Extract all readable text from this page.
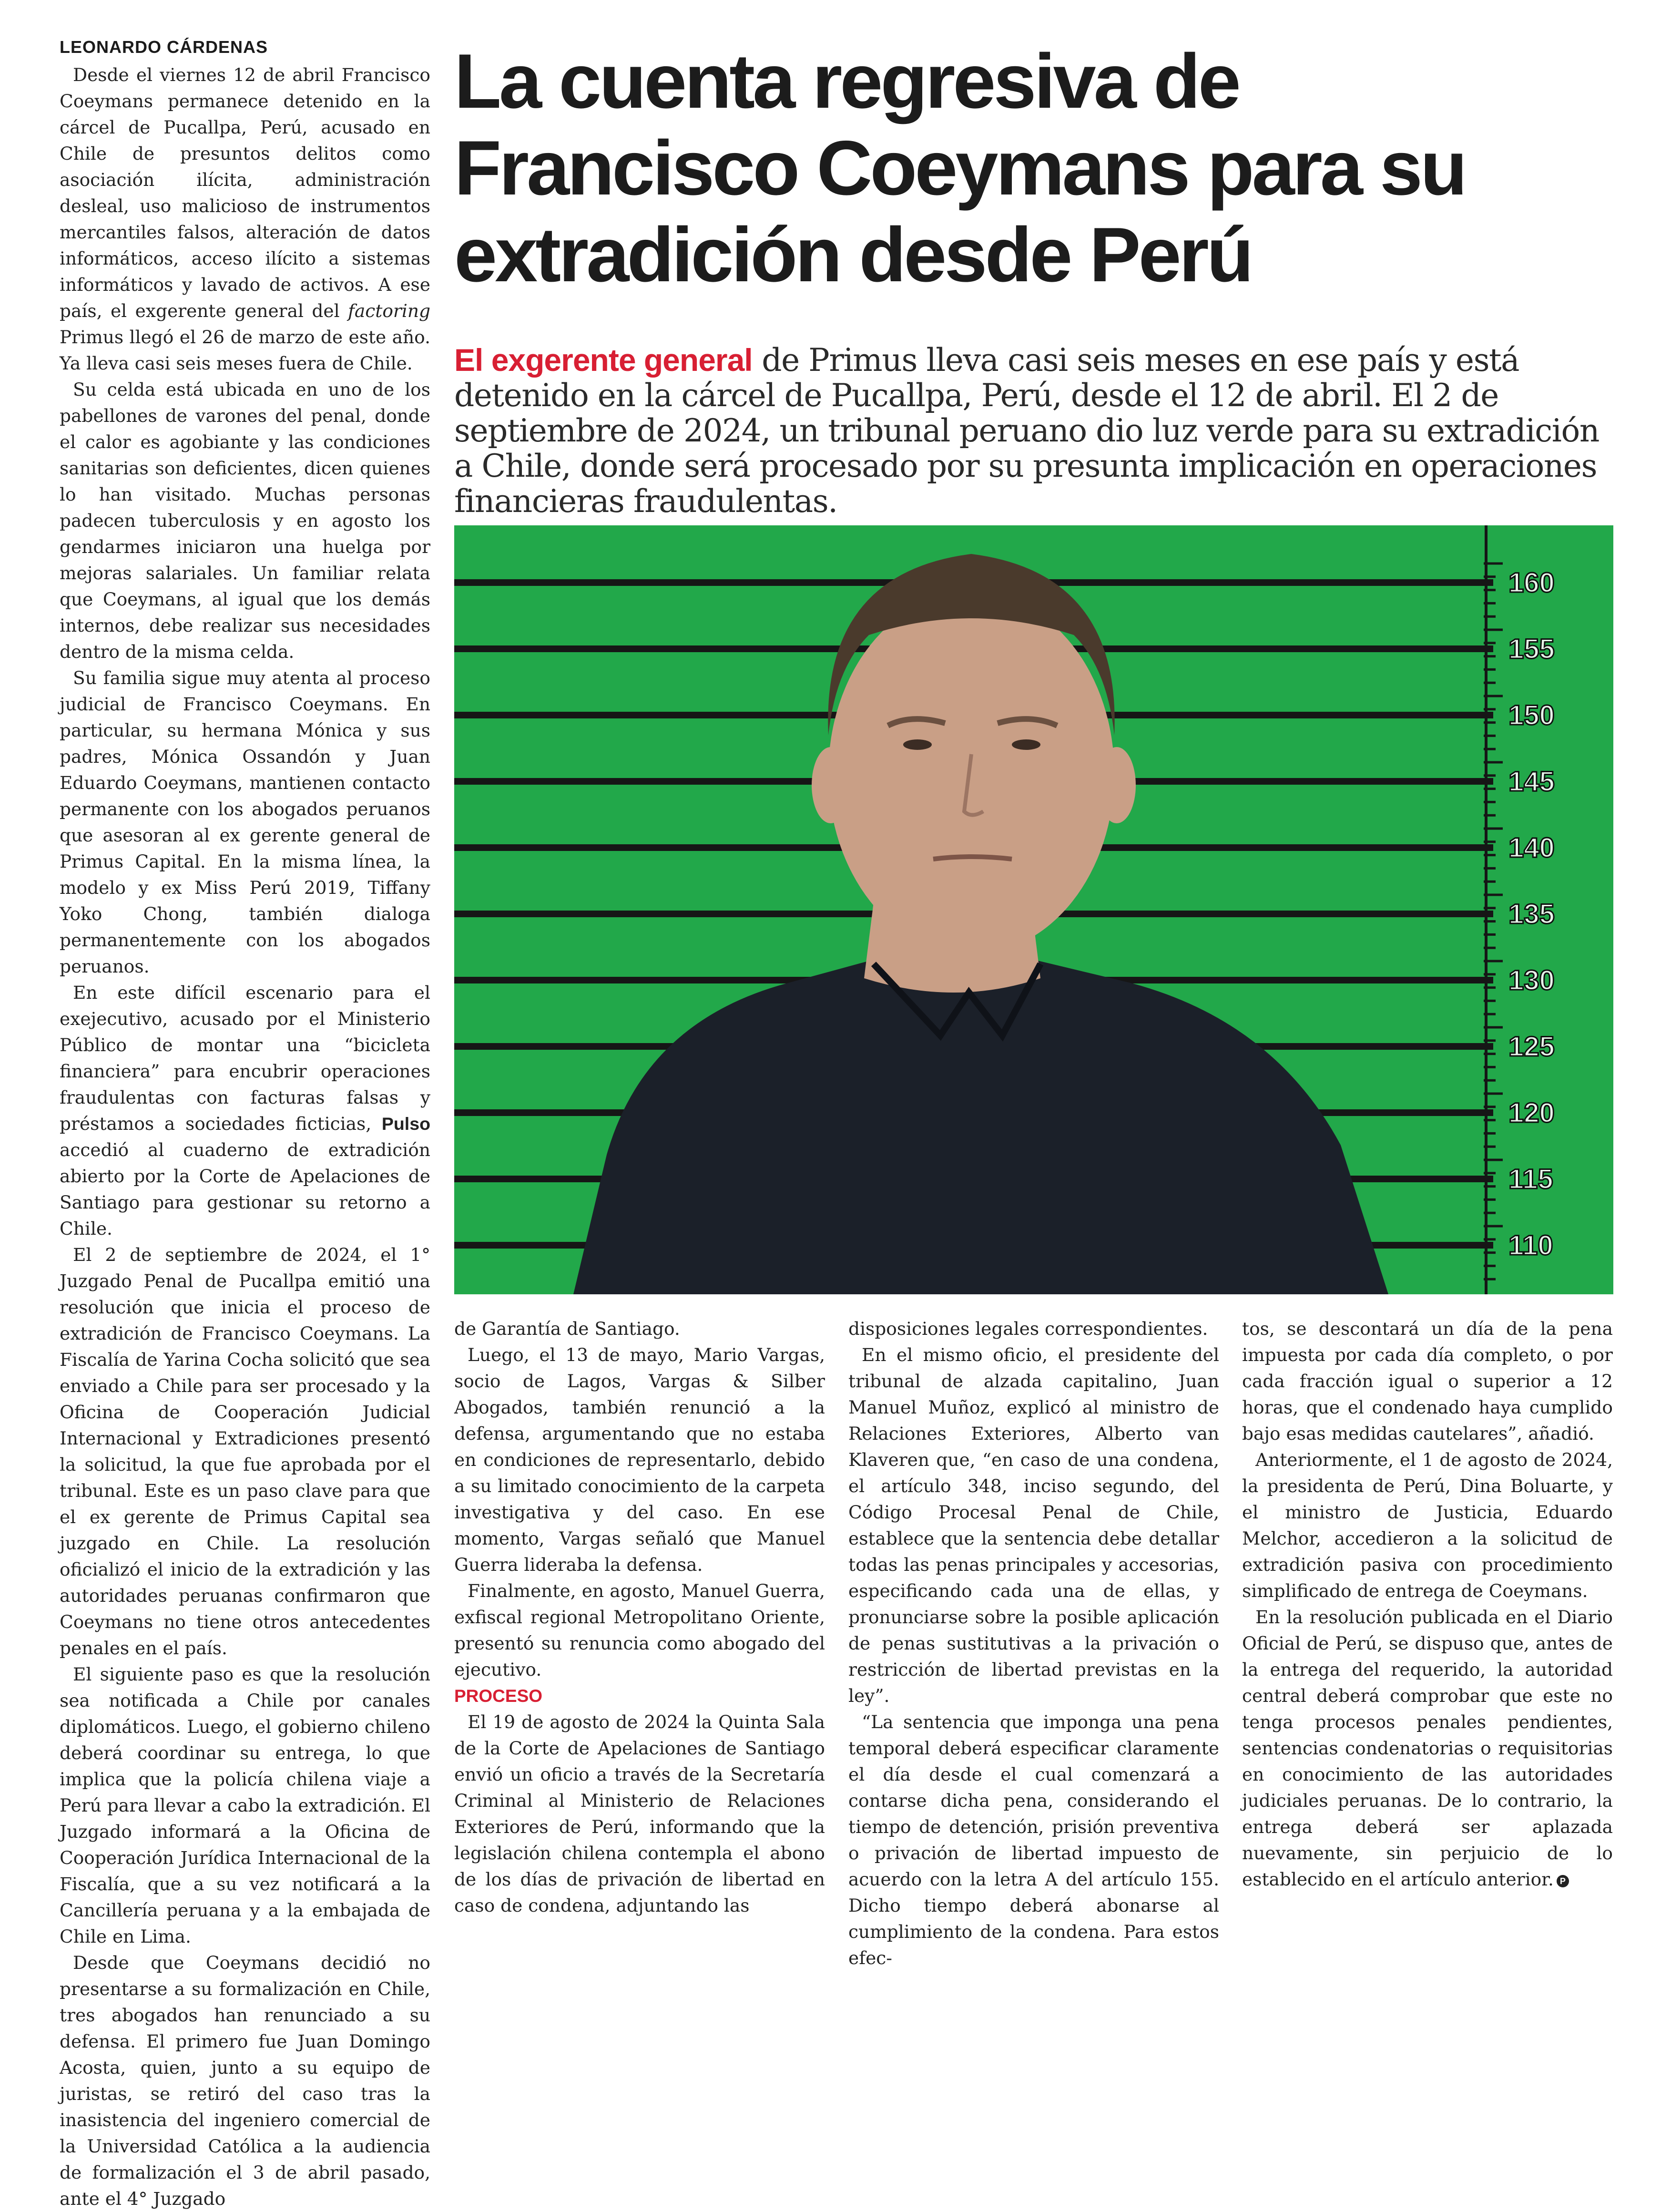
LEONARDO CÁRDENAS La cuenta regresiva de
Francisco Coeymans para su
extradición desde Perú
El exgerente general de Primus lleva casi seis meses en ese país y está detenido en la cárcel de Pucallpa, Perú, desde el 12 de abril. El 2 de septiembre de 2024, un tribunal peruano dio luz verde para su extradición a Chile, donde será procesado por su presunta implicación en operaciones financieras fraudulentas.

Desde el viernes 12 de abril Francisco Coeymans permanece detenido en la cárcel de Pucallpa, Perú, acusado en Chile de presuntos delitos como asociación ilícita, administración desleal, uso malicioso de instrumentos mercantiles falsos, alteración de datos informáticos, acceso ilícito a sistemas informáticos y lavado de activos. A ese país, el exgerente general del factoring Primus llegó el 26 de marzo de este año. Ya lleva casi seis meses fuera de Chile.

Su celda está ubicada en uno de los pabellones de varones del penal, donde el calor es agobiante y las condiciones sanitarias son deficientes, dicen quienes lo han visitado. Muchas personas padecen tuberculosis y en agosto los gendarmes iniciaron una huelga por mejoras salariales. Un familiar relata que Coeymans, al igual que los demás internos, debe realizar sus necesidades dentro de la misma celda.

Su familia sigue muy atenta al proceso judicial de Francisco Coeymans. En particular, su hermana Mónica y sus padres, Mónica Ossandón y Juan Eduardo Coeymans, mantienen contacto permanente con los abogados peruanos que asesoran al ex gerente general de Primus Capital. En la misma línea, la modelo y ex Miss Perú 2019, Tiffany Yoko Chong, también dialoga permanentemente con los abogados peruanos.

En este difícil escenario para el exejecutivo, acusado por el Ministerio Público de montar una “bicicleta financiera” para encubrir operaciones fraudulentas con facturas falsas y préstamos a sociedades ficticias, Pulso accedió al cuaderno de extradición abierto por la Corte de Apelaciones de Santiago para gestionar su retorno a Chile.

El 2 de septiembre de 2024, el 1° Juzgado Penal de Pucallpa emitió una resolución que inicia el proceso de extradición de Francisco Coeymans. La Fiscalía de Yarina Cocha solicitó que sea enviado a Chile para ser procesado y la Oficina de Cooperación Judicial Internacional y Extradiciones presentó la solicitud, la que fue aprobada por el tribunal. Este es un paso clave para que el ex gerente de Primus Capital sea juzgado en Chile. La resolución oficializó el inicio de la extradición y las autoridades peruanas confirmaron que Coeymans no tiene otros antecedentes penales en el país.

El siguiente paso es que la resolución sea notificada a Chile por canales diplomáticos. Luego, el gobierno chileno deberá coordinar su entrega, lo que implica que la policía chilena viaje a Perú para llevar a cabo la extradición. El Juzgado informará a la Oficina de Cooperación Jurídica Internacional de la Fiscalía, que a su vez notificará a la Cancillería peruana y a la embajada de Chile en Lima.

Desde que Coeymans decidió no presentarse a su formalización en Chile, tres abogados han renunciado a su defensa. El primero fue Juan Domingo Acosta, quien, junto a su equipo de juristas, se retiró del caso tras la inasistencia del ingeniero comercial de la Universidad Católica a la audiencia de formalización el 3 de abril pasado, ante el 4° Juzgado

160
155
150
145
140
135
130
125
120
115
110

de Garantía de Santiago.

Luego, el 13 de mayo, Mario Vargas, socio de Lagos, Vargas & Silber Abogados, también renunció a la defensa, argumentando que no estaba en condiciones de representarlo, debido a su limitado conocimiento de la carpeta investigativa y del caso. En ese momento, Vargas señaló que Manuel Guerra lideraba la defensa.

Finalmente, en agosto, Manuel Guerra, exfiscal regional Metropolitano Oriente, presentó su renuncia como abogado del ejecutivo.

PROCESO

El 19 de agosto de 2024 la Quinta Sala de la Corte de Apelaciones de Santiago envió un oficio a través de la Secretaría Criminal al Ministerio de Relaciones Exteriores de Perú, informando que la legislación chilena contempla el abono de los días de privación de libertad en caso de condena, adjuntando las

disposiciones legales correspondientes.

En el mismo oficio, el presidente del tribunal de alzada capitalino, Juan Manuel Muñoz, explicó al ministro de Relaciones Exteriores, Alberto van Klaveren que, “en caso de una condena, el artículo 348, inciso segundo, del Código Procesal Penal de Chile, establece que la sentencia debe detallar todas las penas principales y accesorias, especificando cada una de ellas, y pronunciarse sobre la posible aplicación de penas sustitutivas a la privación o restricción de libertad previstas en la ley”.

“La sentencia que imponga una pena temporal deberá especificar claramente el día desde el cual comenzará a contarse dicha pena, considerando el tiempo de detención, prisión preventiva o privación de libertad impuesto de acuerdo con la letra A del artículo 155. Dicho tiempo deberá abonarse al cumplimiento de la condena. Para estos efec-

tos, se descontará un día de la pena impuesta por cada día completo, o por cada fracción igual o superior a 12 horas, que el condenado haya cumplido bajo esas medidas cautelares”, añadió.

Anteriormente, el 1 de agosto de 2024, la presidenta de Perú, Dina Boluarte, y el ministro de Justicia, Eduardo Melchor, accedieron a la solicitud de extradición pasiva con procedimiento simplificado de entrega de Coeymans.

En la resolución publicada en el Diario Oficial de Perú, se dispuso que, antes de la entrega del requerido, la autoridad central deberá comprobar que este no tenga procesos penales pendientes, sentencias condenatorias o requisitorias en conocimiento de las autoridades judiciales peruanas. De lo contrario, la entrega deberá ser aplazada nuevamente, sin perjuicio de lo establecido en el artículo anterior. P
